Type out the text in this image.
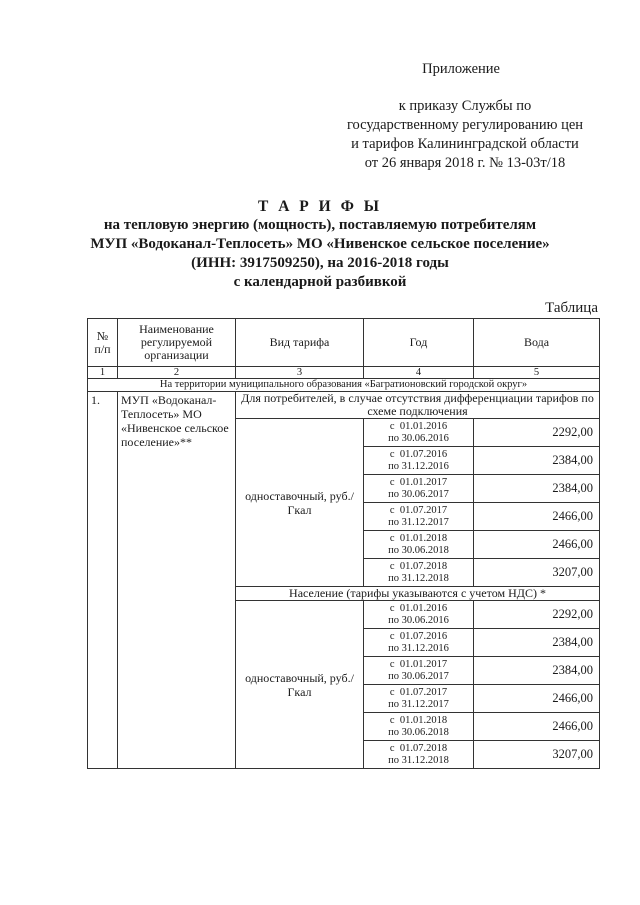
Приложение
к приказу Службы по
государственному регулированию цен
и тарифов Калининградской области
от 26 января 2018 г. № 13-03т/18
Т А Р И Ф Ы
на тепловую энергию (мощность), поставляемую потребителям
МУП «Водоканал-Теплосеть» МО «Нивенское сельское поселение»
(ИНН: 3917509250), на 2016-2018 годы
с календарной разбивкой
Таблица
№ п/п	Наименование регулируемой организации	Вид тарифа	Год	Вода
1	2	3	4	5
На территории муниципального образования «Багратионовский городской округ»				
1.	МУП «Водоканал-Теплосеть» МО «Нивенское сельское поселение»**	Для потребителей, в случае отсутствия дифференциации тарифов по схеме подключения		
		одноставочный, руб./Гкал	с  01.01.2016
по 30.06.2016	2292,00

			с  01.07.2016
по 31.12.2016	2384,00

			с  01.01.2017
по 30.06.2017	2384,00

			с  01.07.2017
по 31.12.2017	2466,00

			с  01.01.2018
по 30.06.2018	2466,00

			с  01.07.2018
по 31.12.2018	3207,00
		Население (тарифы указываются с учетом НДС) *		
		одноставочный, руб./Гкал	с  01.01.2016
по 30.06.2016	2292,00

			с  01.07.2016
по 31.12.2016	2384,00

			с  01.01.2017
по 30.06.2017	2384,00

			с  01.07.2017
по 31.12.2017	2466,00

			с  01.01.2018
по 30.06.2018	2466,00

			с  01.07.2018
по 31.12.2018	3207,00
